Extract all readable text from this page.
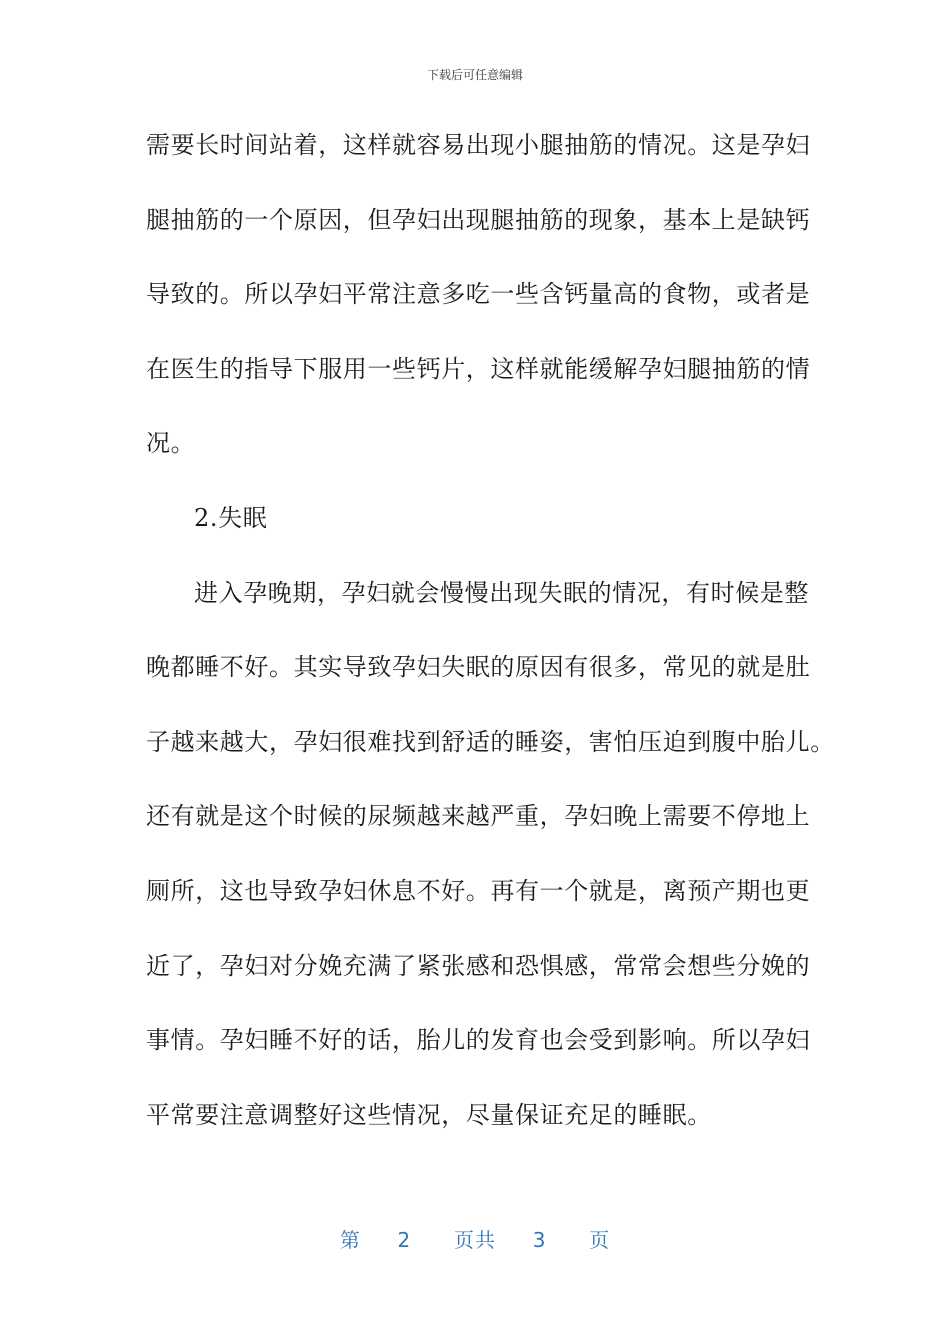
下载后可任意编辑
需要长时间站着，这样就容易出现小腿抽筋的情况。这是孕妇
腿抽筋的一个原因，但孕妇出现腿抽筋的现象，基本上是缺钙
导致的。所以孕妇平常注意多吃一些含钙量高的食物，或者是
在医生的指导下服用一些钙片，这样就能缓解孕妇腿抽筋的情
况。
2.失眠
进入孕晚期，孕妇就会慢慢出现失眠的情况，有时候是整
晚都睡不好。其实导致孕妇失眠的原因有很多，常见的就是肚
子越来越大，孕妇很难找到舒适的睡姿，害怕压迫到腹中胎儿。
还有就是这个时候的尿频越来越严重，孕妇晚上需要不停地上
厕所，这也导致孕妇休息不好。再有一个就是，离预产期也更
近了，孕妇对分娩充满了紧张感和恐惧感，常常会想些分娩的
事情。孕妇睡不好的话，胎儿的发育也会受到影响。所以孕妇
平常要注意调整好这些情况，尽量保证充足的睡眠。
第 2 页共 3 页
